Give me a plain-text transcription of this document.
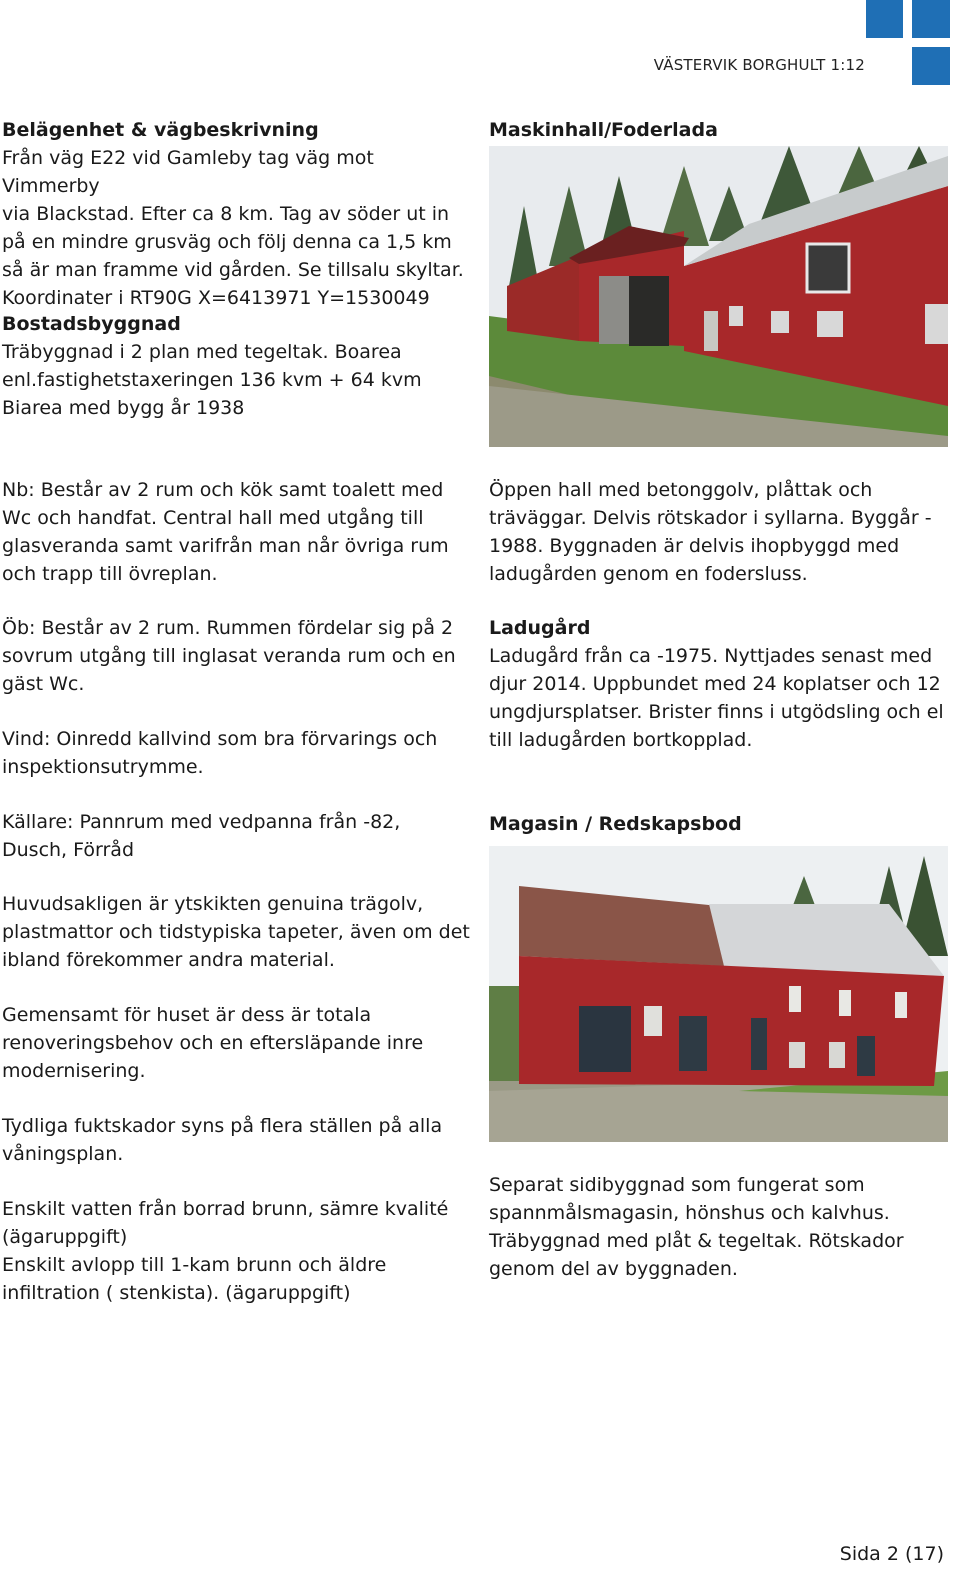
VÄSTERVIK BORGHULT 1:12

Belägenhet & vägbeskrivning

Från väg E22 vid Gamleby tag väg mot Vimmerby
via Blackstad. Efter ca 8 km. Tag av söder ut in
på en mindre grusväg och följ denna ca 1,5 km
så är man framme vid gården. Se tillsalu skyltar.
Koordinater i RT90G X=6413971 Y=1530049

Bostadsbyggnad

Träbyggnad i 2 plan med tegeltak. Boarea
enl.fastighetstaxeringen 136 kvm + 64 kvm
Biarea med bygg år 1938

Nb: Består av 2 rum och kök samt toalett med
Wc och handfat. Central hall med utgång till
glasveranda samt varifrån man når övriga rum
och trapp till övreplan.

Öb: Består av 2 rum. Rummen fördelar sig på 2
sovrum utgång till inglasat veranda rum och en
gäst Wc.

Vind: Oinredd kallvind som bra förvarings och
inspektionsutrymme.

Källare: Pannrum med vedpanna från -82,
Dusch, Förråd

Huvudsakligen är ytskikten genuina trägolv,
plastmattor och tidstypiska tapeter, även om det
ibland förekommer andra material.

Gemensamt för huset är dess är totala
renoveringsbehov och en eftersläpande inre
modernisering.

Tydliga fuktskador syns på flera ställen på alla
våningsplan.

Enskilt vatten från borrad brunn, sämre kvalité
(ägaruppgift)
Enskilt avlopp till 1-kam brunn och äldre
infiltration ( stenkista). (ägaruppgift)

Maskinhall/Foderlada

Öppen hall med betonggolv, plåttak och
träväggar. Delvis rötskador i syllarna. Byggår -
1988. Byggnaden är delvis ihopbyggd med
ladugården genom en fodersluss.

Ladugård

Ladugård från ca -1975. Nyttjades senast med
djur 2014. Uppbundet med 24 koplatser och 12
ungdjursplatser. Brister finns i utgödsling och el
till ladugården bortkopplad.

Magasin / Redskapsbod

Separat sidibyggnad som fungerat som
spannmålsmagasin, hönshus och kalvhus.
Träbyggnad med plåt & tegeltak. Rötskador
genom del av byggnaden.

Sida 2 (17)
